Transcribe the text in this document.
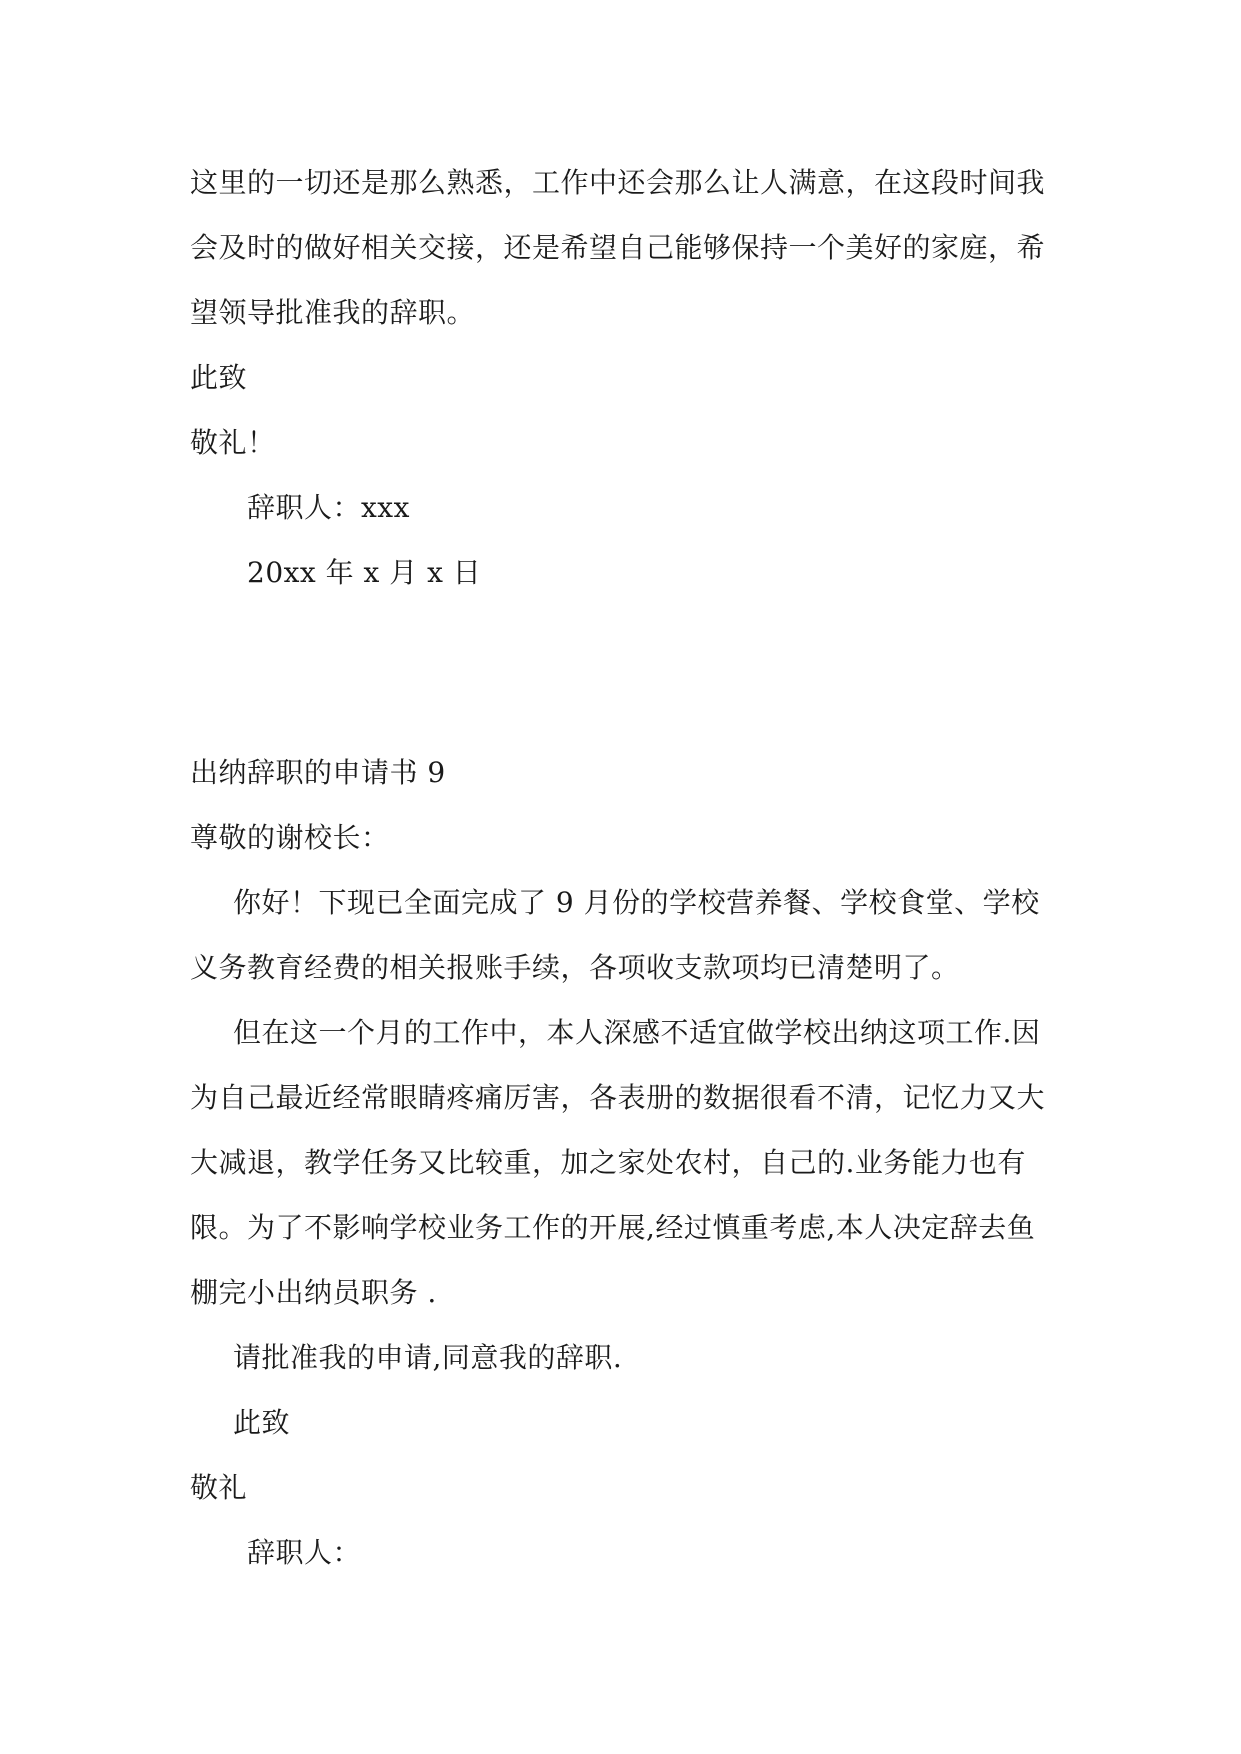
这里的一切还是那么熟悉，工作中还会那么让人满意，在这段时间我
会及时的做好相关交接，还是希望自己能够保持一个美好的家庭，希
望领导批准我的辞职。
此致
敬礼！
辞职人：xxx
20xx 年 x 月 x 日
出纳辞职的申请书 9
尊敬的谢校长：
你好！下现已全面完成了 9 月份的学校营养餐、学校食堂、学校
义务教育经费的相关报账手续，各项收支款项均已清楚明了。
但在这一个月的工作中，本人深感不适宜做学校出纳这项工作.因
为自己最近经常眼睛疼痛厉害，各表册的数据很看不清，记忆力又大
大减退，教学任务又比较重，加之家处农村，自己的.业务能力也有
限。为了不影响学校业务工作的开展,经过慎重考虑,本人决定辞去鱼
棚完小出纳员职务 .
请批准我的申请,同意我的辞职.
此致
敬礼
辞职人：
